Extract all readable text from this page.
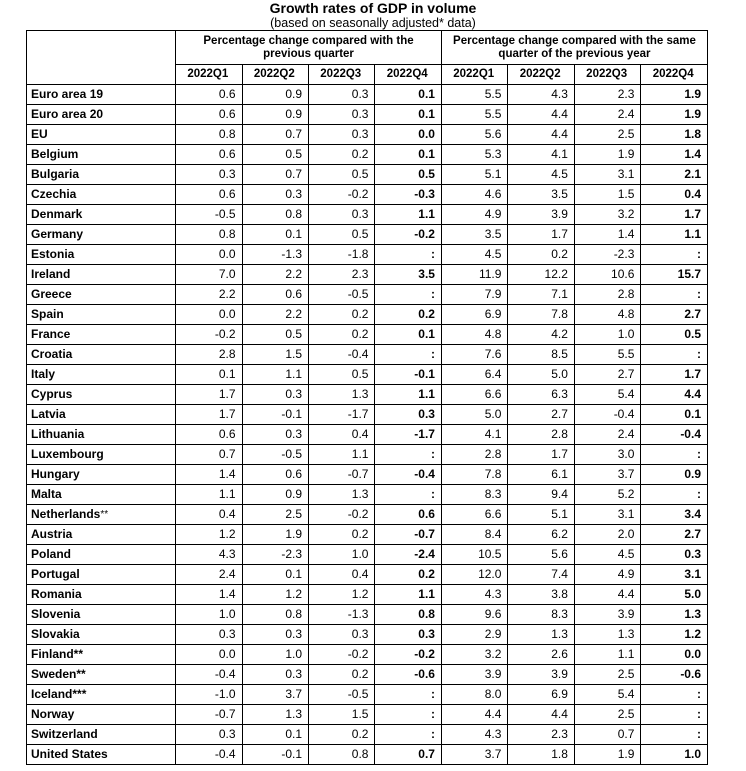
Growth rates of GDP in volume
(based on seasonally adjusted* data)
	Percentage change compared with the previous quarter				Percentage change compared with the same quarter of the previous year			
	2022Q1	2022Q2	2022Q3	2022Q4	2022Q1	2022Q2	2022Q3	2022Q4
Euro area 19	0.6	0.9	0.3	0.1	5.5	4.3	2.3	1.9
Euro area 20	0.6	0.9	0.3	0.1	5.5	4.4	2.4	1.9
EU	0.8	0.7	0.3	0.0	5.6	4.4	2.5	1.8
Belgium	0.6	0.5	0.2	0.1	5.3	4.1	1.9	1.4
Bulgaria	0.3	0.7	0.5	0.5	5.1	4.5	3.1	2.1
Czechia	0.6	0.3	-0.2	-0.3	4.6	3.5	1.5	0.4
Denmark	-0.5	0.8	0.3	1.1	4.9	3.9	3.2	1.7
Germany	0.8	0.1	0.5	-0.2	3.5	1.7	1.4	1.1
Estonia	0.0	-1.3	-1.8	:	4.5	0.2	-2.3	:
Ireland	7.0	2.2	2.3	3.5	11.9	12.2	10.6	15.7
Greece	2.2	0.6	-0.5	:	7.9	7.1	2.8	:
Spain	0.0	2.2	0.2	0.2	6.9	7.8	4.8	2.7
France	-0.2	0.5	0.2	0.1	4.8	4.2	1.0	0.5
Croatia	2.8	1.5	-0.4	:	7.6	8.5	5.5	:
Italy	0.1	1.1	0.5	-0.1	6.4	5.0	2.7	1.7
Cyprus	1.7	0.3	1.3	1.1	6.6	6.3	5.4	4.4
Latvia	1.7	-0.1	-1.7	0.3	5.0	2.7	-0.4	0.1
Lithuania	0.6	0.3	0.4	-1.7	4.1	2.8	2.4	-0.4
Luxembourg	0.7	-0.5	1.1	:	2.8	1.7	3.0	:
Hungary	1.4	0.6	-0.7	-0.4	7.8	6.1	3.7	0.9
Malta	1.1	0.9	1.3	:	8.3	9.4	5.2	:
Netherlands**	0.4	2.5	-0.2	0.6	6.6	5.1	3.1	3.4
Austria	1.2	1.9	0.2	-0.7	8.4	6.2	2.0	2.7
Poland	4.3	-2.3	1.0	-2.4	10.5	5.6	4.5	0.3
Portugal	2.4	0.1	0.4	0.2	12.0	7.4	4.9	3.1
Romania	1.4	1.2	1.2	1.1	4.3	3.8	4.4	5.0
Slovenia	1.0	0.8	-1.3	0.8	9.6	8.3	3.9	1.3
Slovakia	0.3	0.3	0.3	0.3	2.9	1.3	1.3	1.2
Finland**	0.0	1.0	-0.2	-0.2	3.2	2.6	1.1	0.0
Sweden**	-0.4	0.3	0.2	-0.6	3.9	3.9	2.5	-0.6
Iceland***	-1.0	3.7	-0.5	:	8.0	6.9	5.4	:
Norway	-0.7	1.3	1.5	:	4.4	4.4	2.5	:
Switzerland	0.3	0.1	0.2	:	4.3	2.3	0.7	:
United States	-0.4	-0.1	0.8	0.7	3.7	1.8	1.9	1.0
